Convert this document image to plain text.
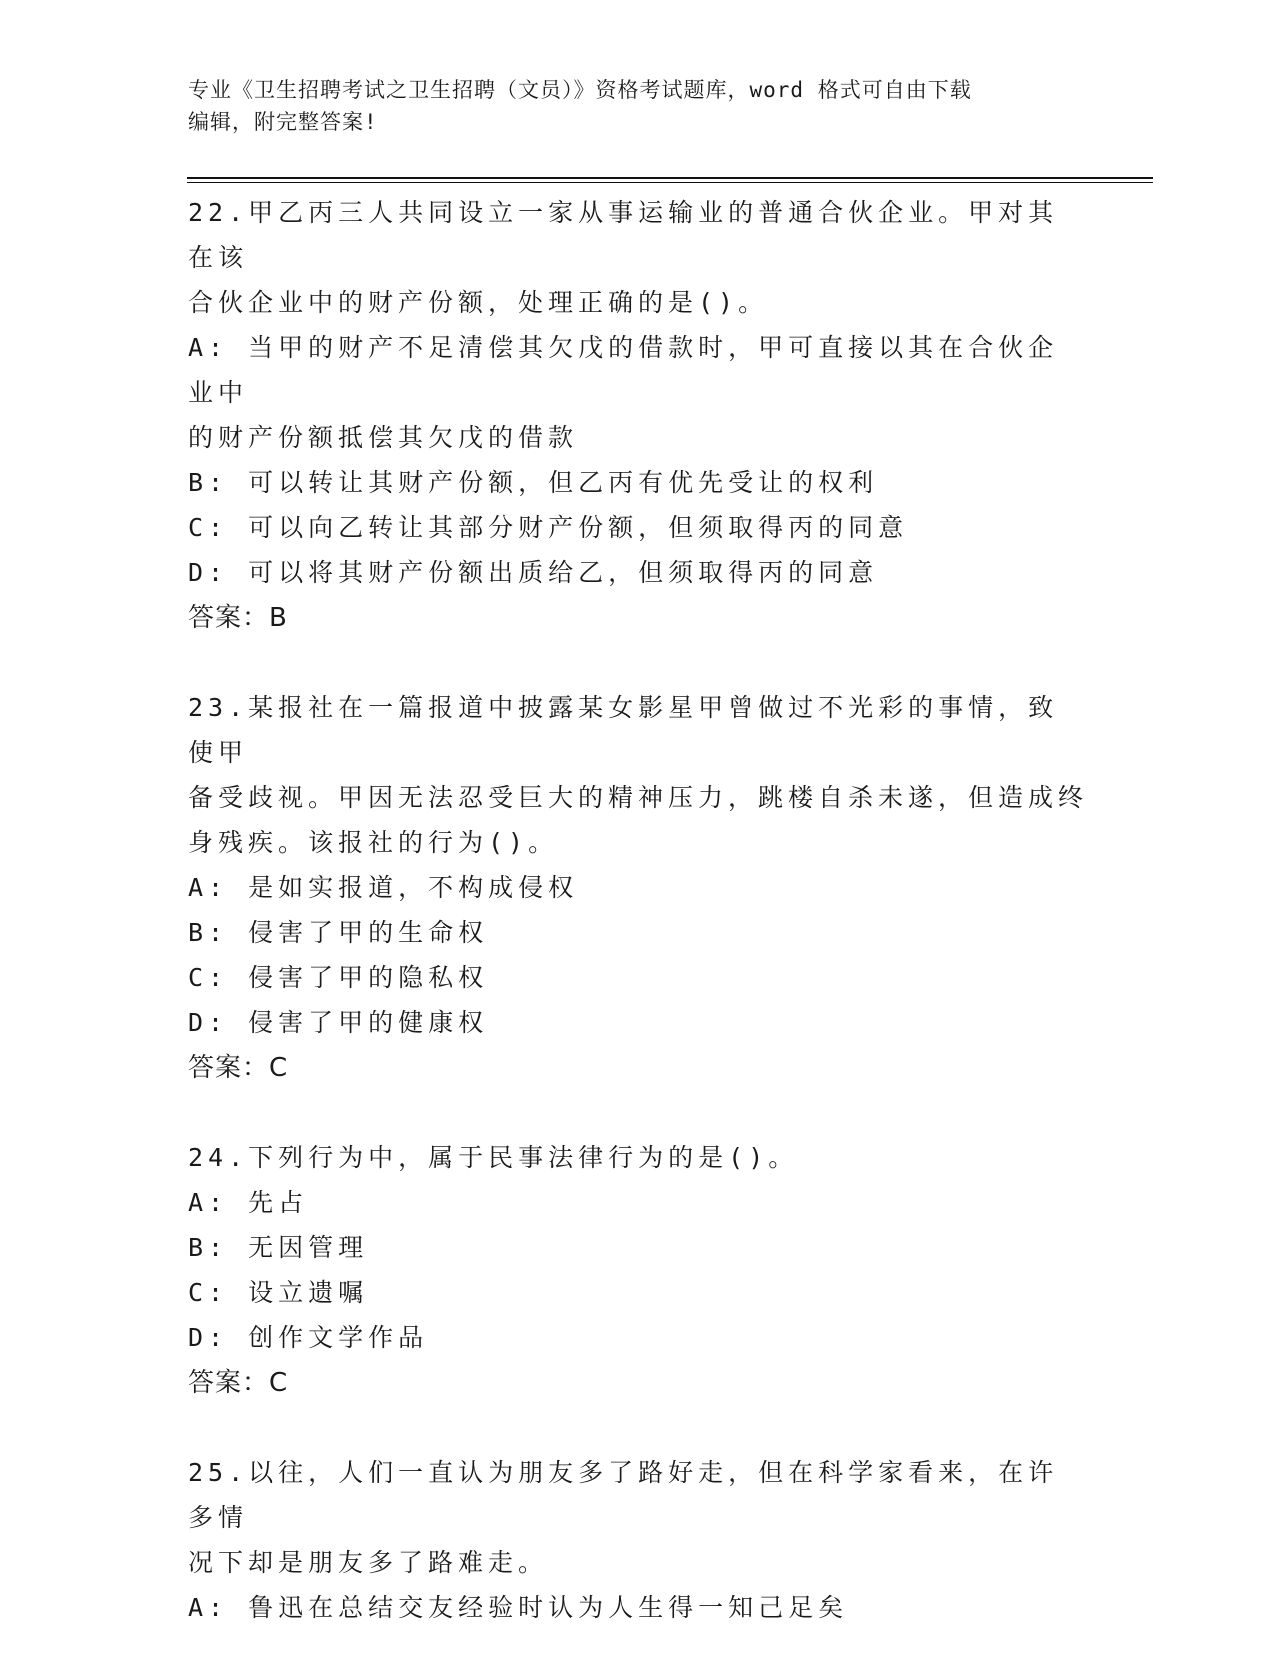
专业《卫生招聘考试之卫生招聘（文员）》资格考试题库，word 格式可自由下载
编辑，附完整答案!
22.甲乙丙三人共同设立一家从事运输业的普通合伙企业。甲对其在该
合伙企业中的财产份额，处理正确的是()。
A: 当甲的财产不足清偿其欠戊的借款时，甲可直接以其在合伙企业中
的财产份额抵偿其欠戊的借款
B: 可以转让其财产份额，但乙丙有优先受让的权利
C: 可以向乙转让其部分财产份额，但须取得丙的同意
D: 可以将其财产份额出质给乙，但须取得丙的同意
答案：B
23.某报社在一篇报道中披露某女影星甲曾做过不光彩的事情，致使甲
备受歧视。甲因无法忍受巨大的精神压力，跳楼自杀未遂，但造成终
身残疾。该报社的行为()。
A: 是如实报道，不构成侵权
B: 侵害了甲的生命权
C: 侵害了甲的隐私权
D: 侵害了甲的健康权
答案：C
24.下列行为中，属于民事法律行为的是()。
A: 先占
B: 无因管理
C: 设立遗嘱
D: 创作文学作品
答案：C
25.以往，人们一直认为朋友多了路好走，但在科学家看来，在许多情
况下却是朋友多了路难走。
A: 鲁迅在总结交友经验时认为人生得一知己足矣
